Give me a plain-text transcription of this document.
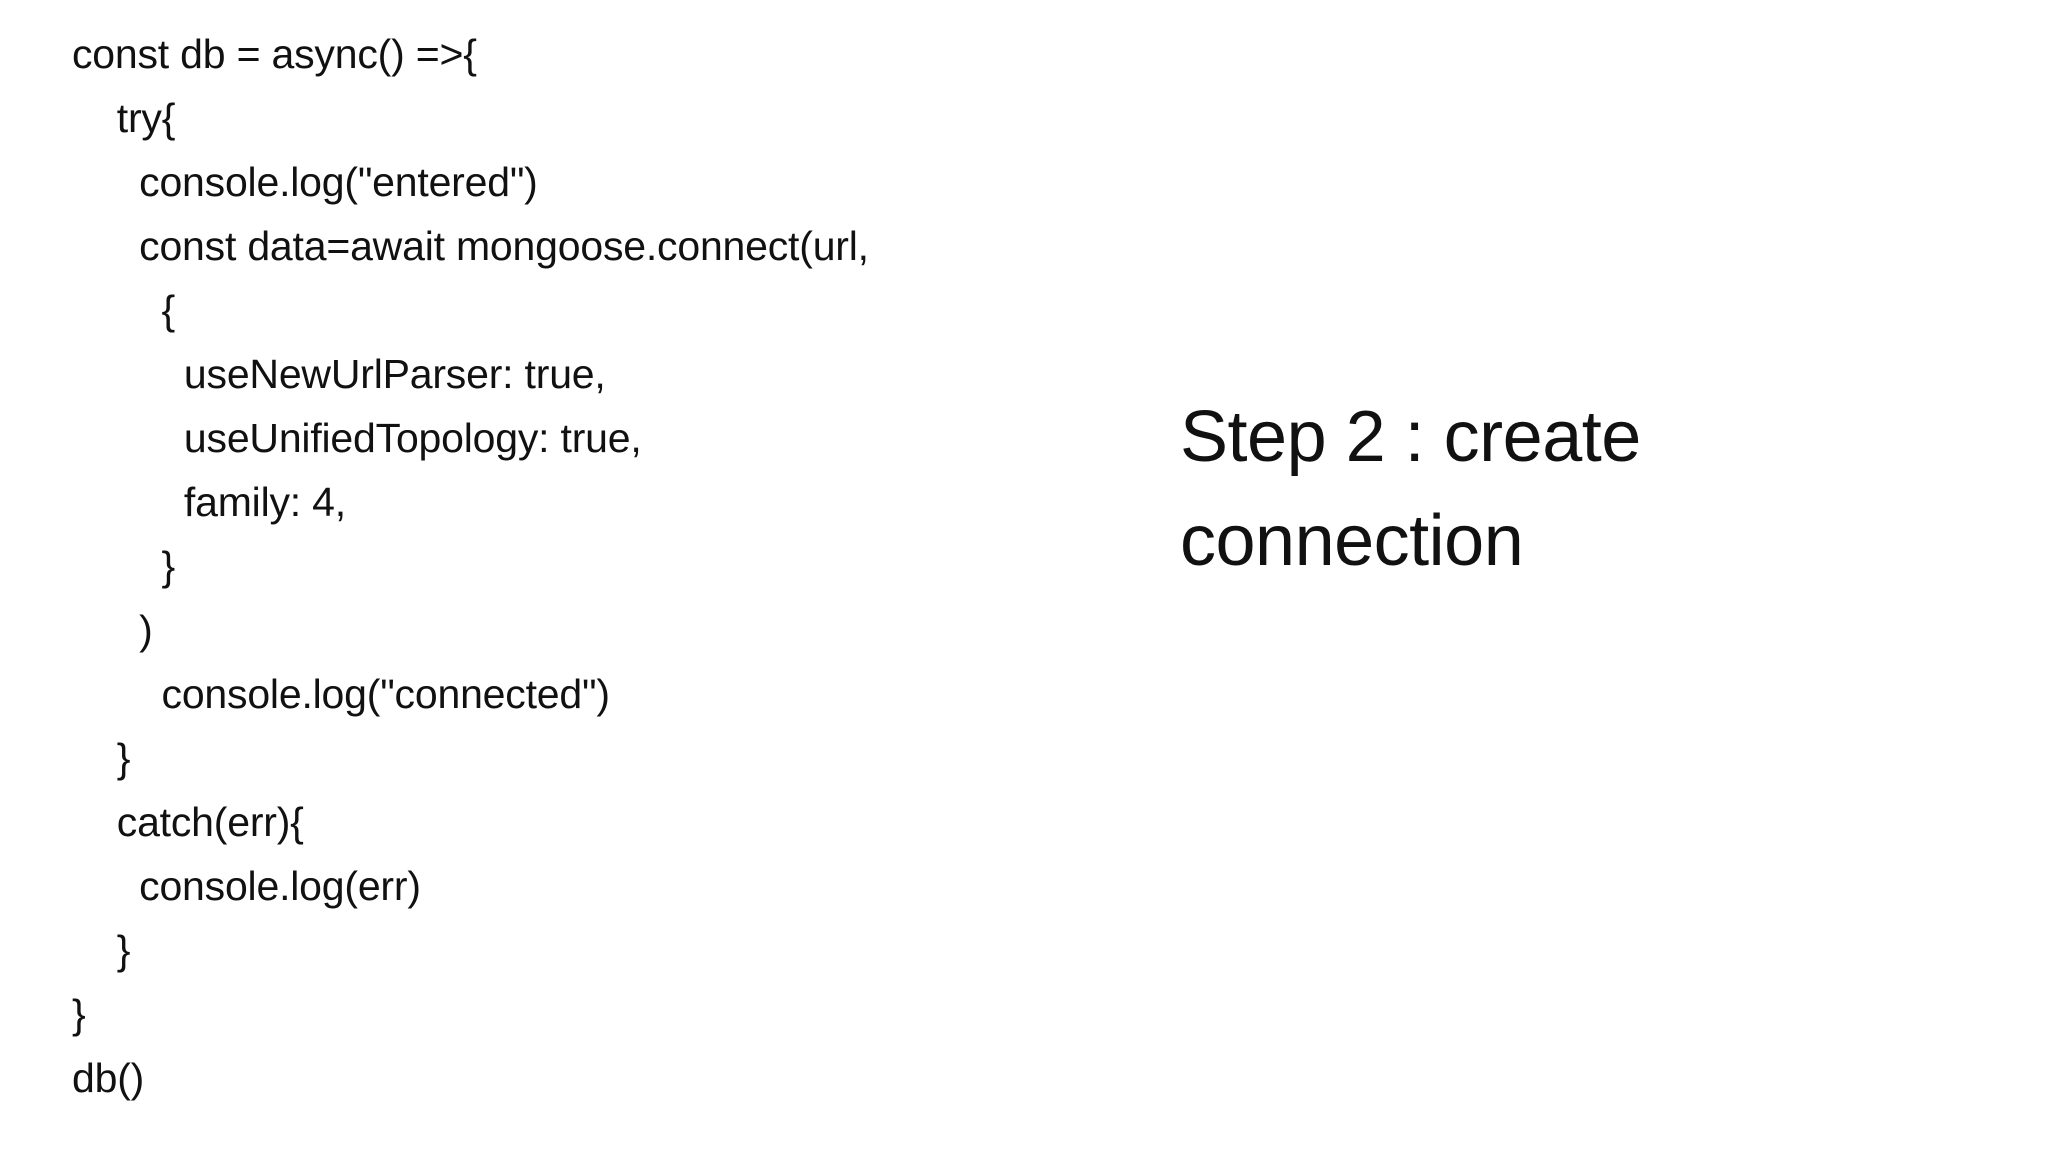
const db = async() =>{
try{
console.log("entered")
const data=await mongoose.connect(url,
{
useNewUrlParser: true,
useUnifiedTopology: true,
family: 4,
}
)
console.log("connected")
}
catch(err){
console.log(err)
}
}
db()
Step 2 : create
connection
